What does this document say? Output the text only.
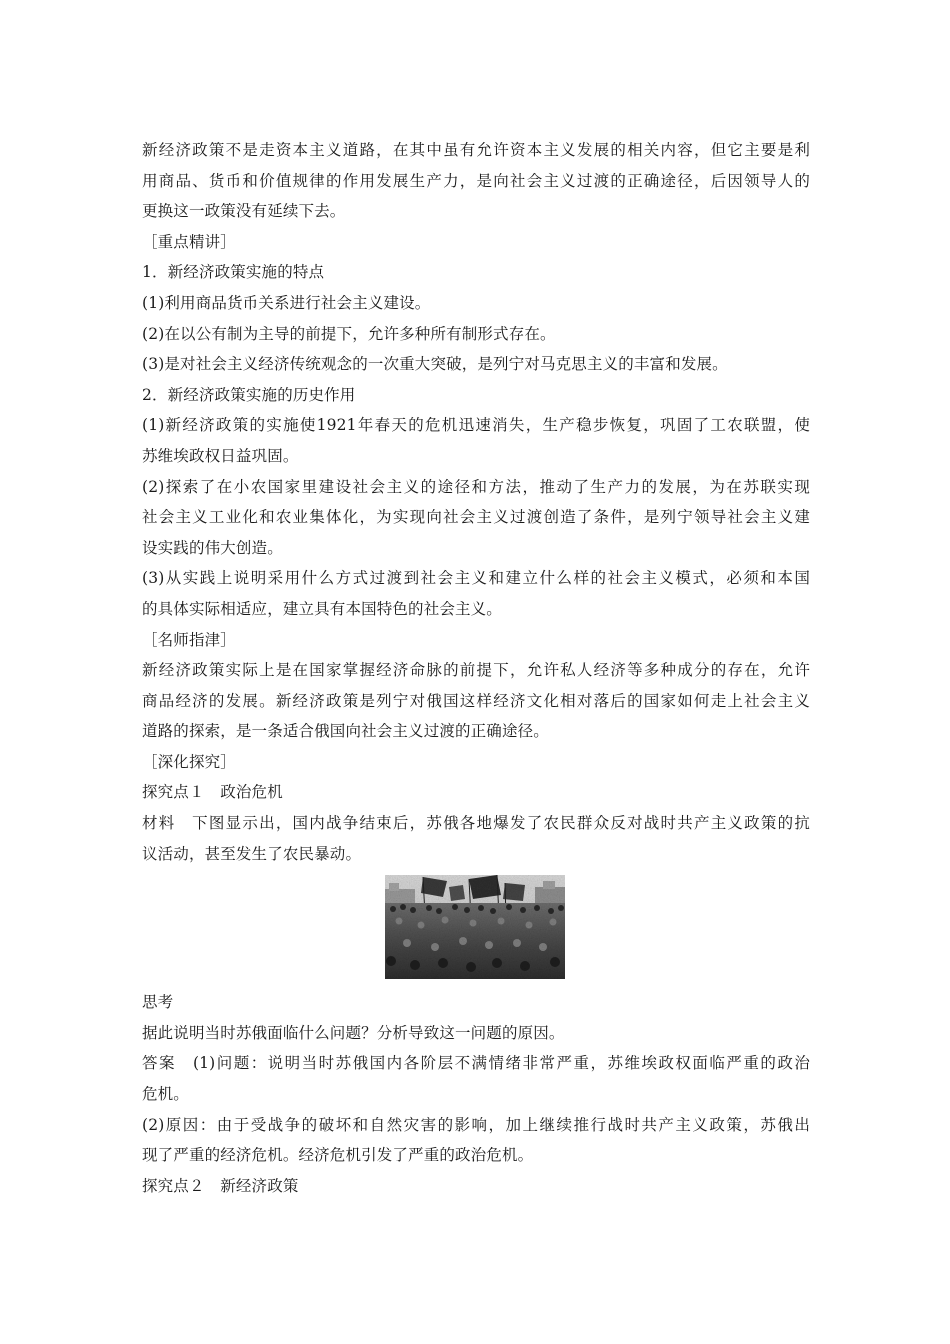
新经济政策不是走资本主义道路，在其中虽有允许资本主义发展的相关内容，但它主要是利
用商品、货币和价值规律的作用发展生产力，是向社会主义过渡的正确途径，后因领导人的
更换这一政策没有延续下去。
［重点精讲］
1．新经济政策实施的特点
(1)利用商品货币关系进行社会主义建设。
(2)在以公有制为主导的前提下，允许多种所有制形式存在。
(3)是对社会主义经济传统观念的一次重大突破，是列宁对马克思主义的丰富和发展。
2．新经济政策实施的历史作用
(1)新经济政策的实施使1921年春天的危机迅速消失，生产稳步恢复，巩固了工农联盟，使
苏维埃政权日益巩固。
(2)探索了在小农国家里建设社会主义的途径和方法，推动了生产力的发展，为在苏联实现
社会主义工业化和农业集体化，为实现向社会主义过渡创造了条件，是列宁领导社会主义建
设实践的伟大创造。
(3)从实践上说明采用什么方式过渡到社会主义和建立什么样的社会主义模式，必须和本国
的具体实际相适应，建立具有本国特色的社会主义。
［名师指津］
新经济政策实际上是在国家掌握经济命脉的前提下，允许私人经济等多种成分的存在，允许
商品经济的发展。新经济政策是列宁对俄国这样经济文化相对落后的国家如何走上社会主义
道路的探索，是一条适合俄国向社会主义过渡的正确途径。
［深化探究］
探究点１　政治危机
材料　下图显示出，国内战争结束后，苏俄各地爆发了农民群众反对战时共产主义政策的抗
议活动，甚至发生了农民暴动。
思考
据此说明当时苏俄面临什么问题？分析导致这一问题的原因。
答案　(1)问题：说明当时苏俄国内各阶层不满情绪非常严重，苏维埃政权面临严重的政治
危机。
(2)原因：由于受战争的破坏和自然灾害的影响，加上继续推行战时共产主义政策，苏俄出
现了严重的经济危机。经济危机引发了严重的政治危机。
探究点２　新经济政策
